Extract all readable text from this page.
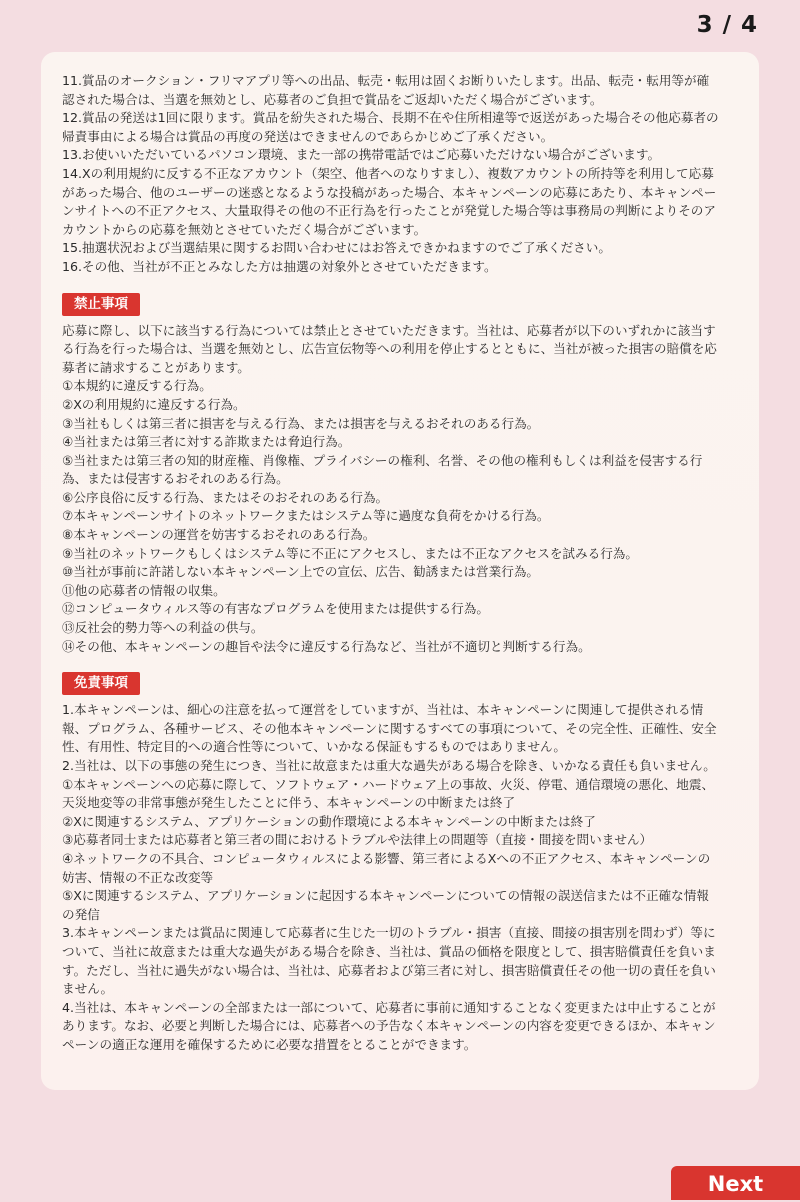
3 / 4

11.賞品のオークション・フリマアプリ等への出品、転売・転用は固くお断りいたします。出品、転売・転用等が確

認された場合は、当選を無効とし、応募者のご負担で賞品をご返却いただく場合がございます。

12.賞品の発送は1回に限ります。賞品を紛失された場合、長期不在や住所相違等で返送があった場合その他応募者の

帰責事由による場合は賞品の再度の発送はできませんのであらかじめご了承ください。

13.お使いいただいているパソコン環境、また一部の携帯電話ではご応募いただけない場合がございます。

14.Xの利用規約に反する不正なアカウント（架空、他者へのなりすまし）、複数アカウントの所持等を利用して応募

があった場合、他のユーザーの迷惑となるような投稿があった場合、本キャンペーンの応募にあたり、本キャンペー

ンサイトへの不正アクセス、大量取得その他の不正行為を行ったことが発覚した場合等は事務局の判断によりそのア

カウントからの応募を無効とさせていただく場合がございます。

15.抽選状況および当選結果に関するお問い合わせにはお答えできかねますのでご了承ください。

16.その他、当社が不正とみなした方は抽選の対象外とさせていただきます。

禁止事項

応募に際し、以下に該当する行為については禁止とさせていただきます。当社は、応募者が以下のいずれかに該当す

る行為を行った場合は、当選を無効とし、広告宣伝物等への利用を停止するとともに、当社が被った損害の賠償を応

募者に請求することがあります。

①本規約に違反する行為。

②Xの利用規約に違反する行為。

③当社もしくは第三者に損害を与える行為、または損害を与えるおそれのある行為。

④当社または第三者に対する詐欺または脅迫行為。

⑤当社または第三者の知的財産権、肖像権、プライバシーの権利、名誉、その他の権利もしくは利益を侵害する行

為、または侵害するおそれのある行為。

⑥公序良俗に反する行為、またはそのおそれのある行為。

⑦本キャンペーンサイトのネットワークまたはシステム等に過度な負荷をかける行為。

⑧本キャンペーンの運営を妨害するおそれのある行為。

⑨当社のネットワークもしくはシステム等に不正にアクセスし、または不正なアクセスを試みる行為。

⑩当社が事前に許諾しない本キャンペーン上での宣伝、広告、勧誘または営業行為。

⑪他の応募者の情報の収集。

⑫コンピュータウィルス等の有害なプログラムを使用または提供する行為。

⑬反社会的勢力等への利益の供与。

⑭その他、本キャンペーンの趣旨や法令に違反する行為など、当社が不適切と判断する行為。

免責事項

1.本キャンペーンは、細心の注意を払って運営をしていますが、当社は、本キャンペーンに関連して提供される情

報、プログラム、各種サービス、その他本キャンペーンに関するすべての事項について、その完全性、正確性、安全

性、有用性、特定目的への適合性等について、いかなる保証もするものではありません。

2.当社は、以下の事態の発生につき、当社に故意または重大な過失がある場合を除き、いかなる責任も負いません。

①本キャンペーンへの応募に際して、ソフトウェア・ハードウェア上の事故、火災、停電、通信環境の悪化、地震、

天災地変等の非常事態が発生したことに伴う、本キャンペーンの中断または終了

②Xに関連するシステム、アプリケーションの動作環境による本キャンペーンの中断または終了

③応募者同士または応募者と第三者の間におけるトラブルや法律上の問題等（直接・間接を問いません）

④ネットワークの不具合、コンピュータウィルスによる影響、第三者によるXへの不正アクセス、本キャンペーンの

妨害、情報の不正な改変等

⑤Xに関連するシステム、アプリケーションに起因する本キャンペーンについての情報の誤送信または不正確な情報

の発信

3.本キャンペーンまたは賞品に関連して応募者に生じた一切のトラブル・損害（直接、間接の損害別を問わず）等に

ついて、当社に故意または重大な過失がある場合を除き、当社は、賞品の価格を限度として、損害賠償責任を負いま

す。ただし、当社に過失がない場合は、当社は、応募者および第三者に対し、損害賠償責任その他一切の責任を負い

ません。

4.当社は、本キャンペーンの全部または一部について、応募者に事前に通知することなく変更または中止することが

あります。なお、必要と判断した場合には、応募者への予告なく本キャンペーンの内容を変更できるほか、本キャン

ペーンの適正な運用を確保するために必要な措置をとることができます。

Next
